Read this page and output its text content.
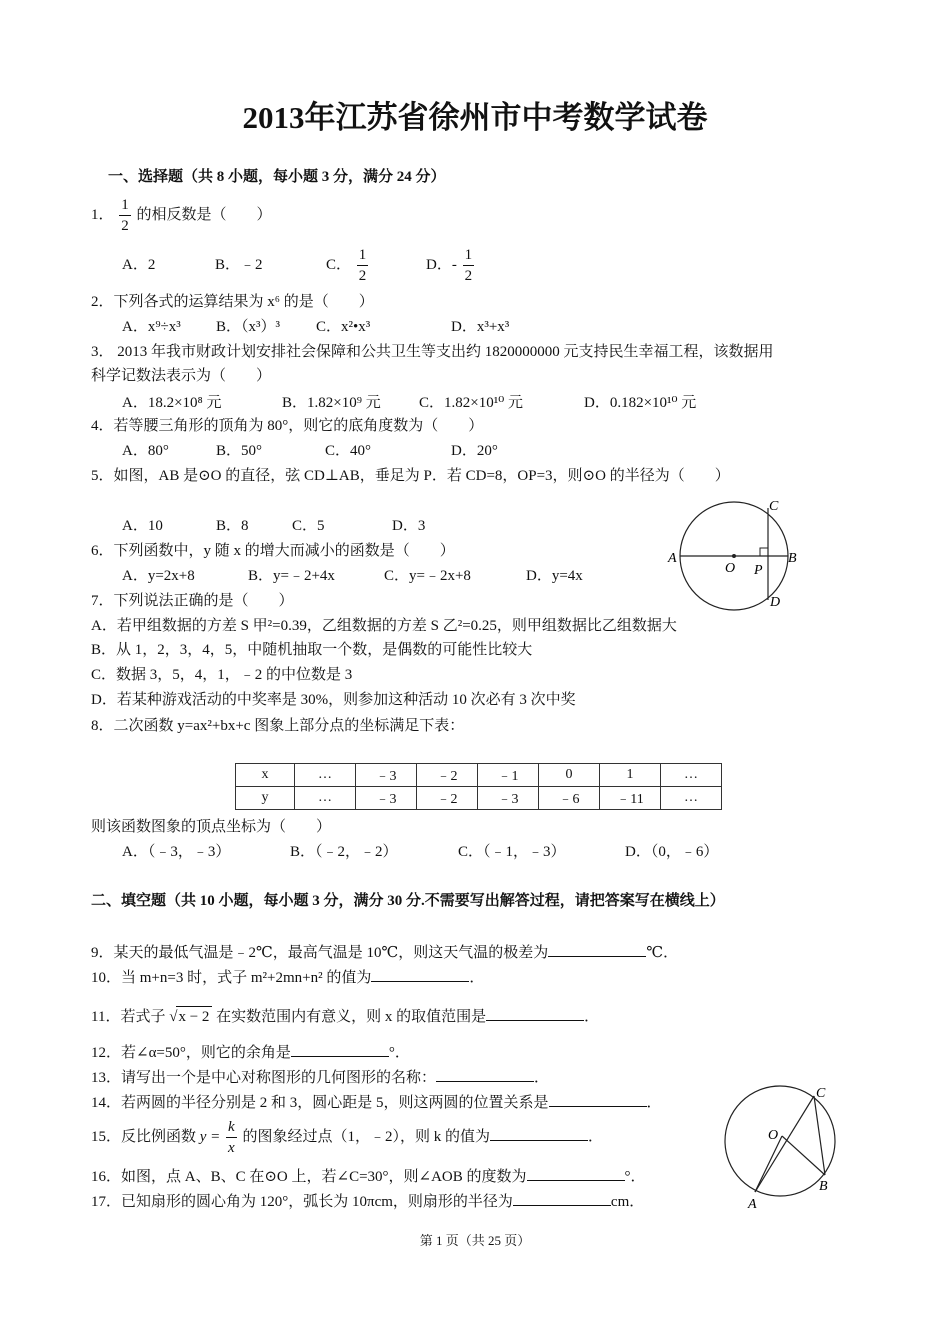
2013年江苏省徐州市中考数学试卷
一、选择题（共 8 小题，每小题 3 分，满分 24 分）
1． $\frac{1}{2}$ 的相反数是（　　）
A．2	B．﹣2	C． $\frac{1}{2}$	D．- $\frac{1}{2}$
2．下列各式的运算结果为 x⁶ 的是（　　）
A．x⁹÷x³ B．（x³）³ C．x²•x³	D．x³+x³
3． 2013 年我市财政计划安排社会保障和公共卫生等支出约 1820000000 元支持民生幸福工程，该数据用
科学记数法表示为（　　）
A．18.2×10⁸ 元	B．1.82×10⁹ 元	C．1.82×10¹⁰ 元	D．0.182×10¹⁰ 元
4．若等腰三角形的顶角为 80°，则它的底角度数为（　　）
A．80°	B．50°	C．40°	D．20°
5．如图，AB 是⊙O 的直径，弦 CD⊥AB，垂足为 P．若 CD=8，OP=3，则⊙O 的半径为（　　）
A．10	B．8	C．5	D．3
A	B
C
D
O P
6．下列函数中，y 随 x 的增大而减小的函数是（　　）
A．y=2x+8	B．y=﹣2+4x	C．y=﹣2x+8	D．y=4x
7．下列说法正确的是（　　）
A．若甲组数据的方差 S 甲²=0.39，乙组数据的方差 S 乙²=0.25，则甲组数据比乙组数据大
B．从 1，2，3，4，5，中随机抽取一个数，是偶数的可能性比较大
C．数据 3，5，4，1，﹣2 的中位数是 3
D．若某种游戏活动的中奖率是 30%，则参加这种活动 10 次必有 3 次中奖
8．二次函数 y=ax²+bx+c 图象上部分点的坐标满足下表：
x	…	﹣3	﹣2	﹣1	0	1	…
y	…	﹣3	﹣2	﹣3	﹣6	﹣11	…
则该函数图象的顶点坐标为（　　）
A．（﹣3，﹣3）	B．（﹣2，﹣2）	C．（﹣1，﹣3）	D．（0，﹣6）
二、填空题（共 10 小题，每小题 3 分，满分 30 分.不需要写出解答过程，请把答案写在横线上）
9．某天的最低气温是﹣2℃，最高气温是 10℃，则这天气温的极差为	℃．
10．当 m+n=3 时，式子 m²+2mn+n² 的值为	．
11．若式子 √x − 2 在实数范围内有意义，则 x 的取值范围是	．
12．若∠α=50°，则它的余角是	°．
13．请写出一个是中心对称图形的几何图形的名称：	．
14．若两圆的半径分别是 2 和 3，圆心距是 5，则这两圆的位置关系是	．
15．反比例函数 $y = \frac{k}{x}$ 的图象经过点（1，﹣2），则 k 的值为	．
16．如图，点 A、B、C 在⊙O 上，若∠C=30°，则∠AOB 的度数为	°．
17．已知扇形的圆心角为 120°，弧长为 10πcm，则扇形的半径为	cm．	A
B
C
O
第 1 页（共 25 页）
